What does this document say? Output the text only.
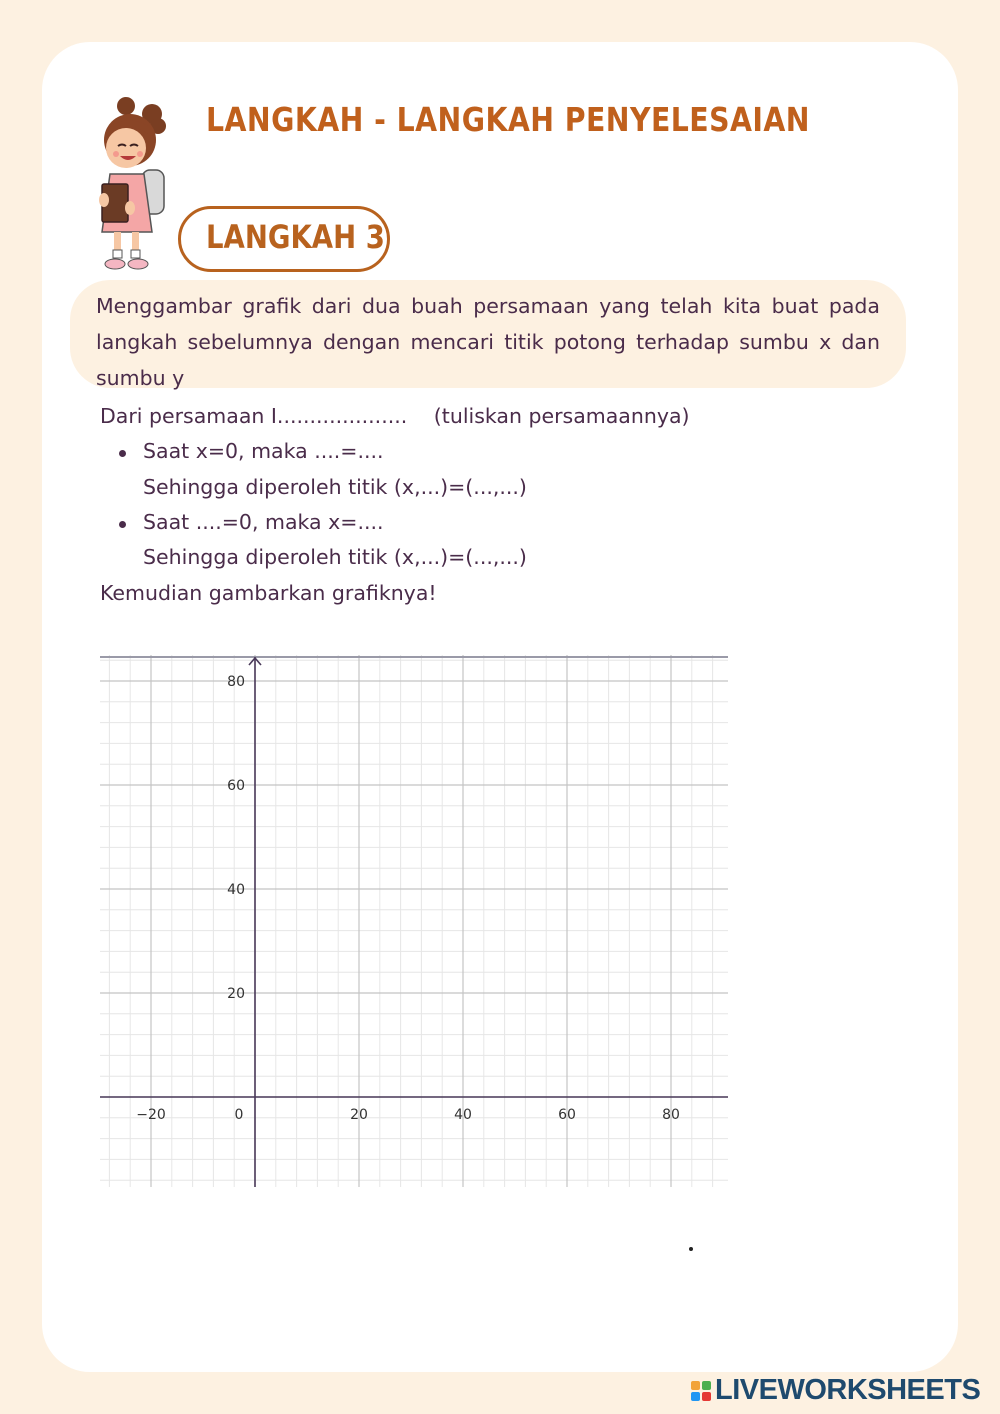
LANGKAH - LANGKAH PENYELESAIAN
LANGKAH 3
Menggambar grafik dari dua buah persamaan yang telah kita buat pada langkah sebelumnya dengan mencari titik potong terhadap sumbu x dan sumbu y
Dari persamaan I.................... (tuliskan persamaannya)
Saat x=0, maka ....=....
Sehingga diperoleh titik (x,...)=(...,...)
Saat ....=0, maka x=....
Sehingga diperoleh titik (x,...)=(...,...)
Kemudian gambarkan grafiknya!
−20	0	20	40	60	80
20
40
60
80
LIVEWORKSHEETS
